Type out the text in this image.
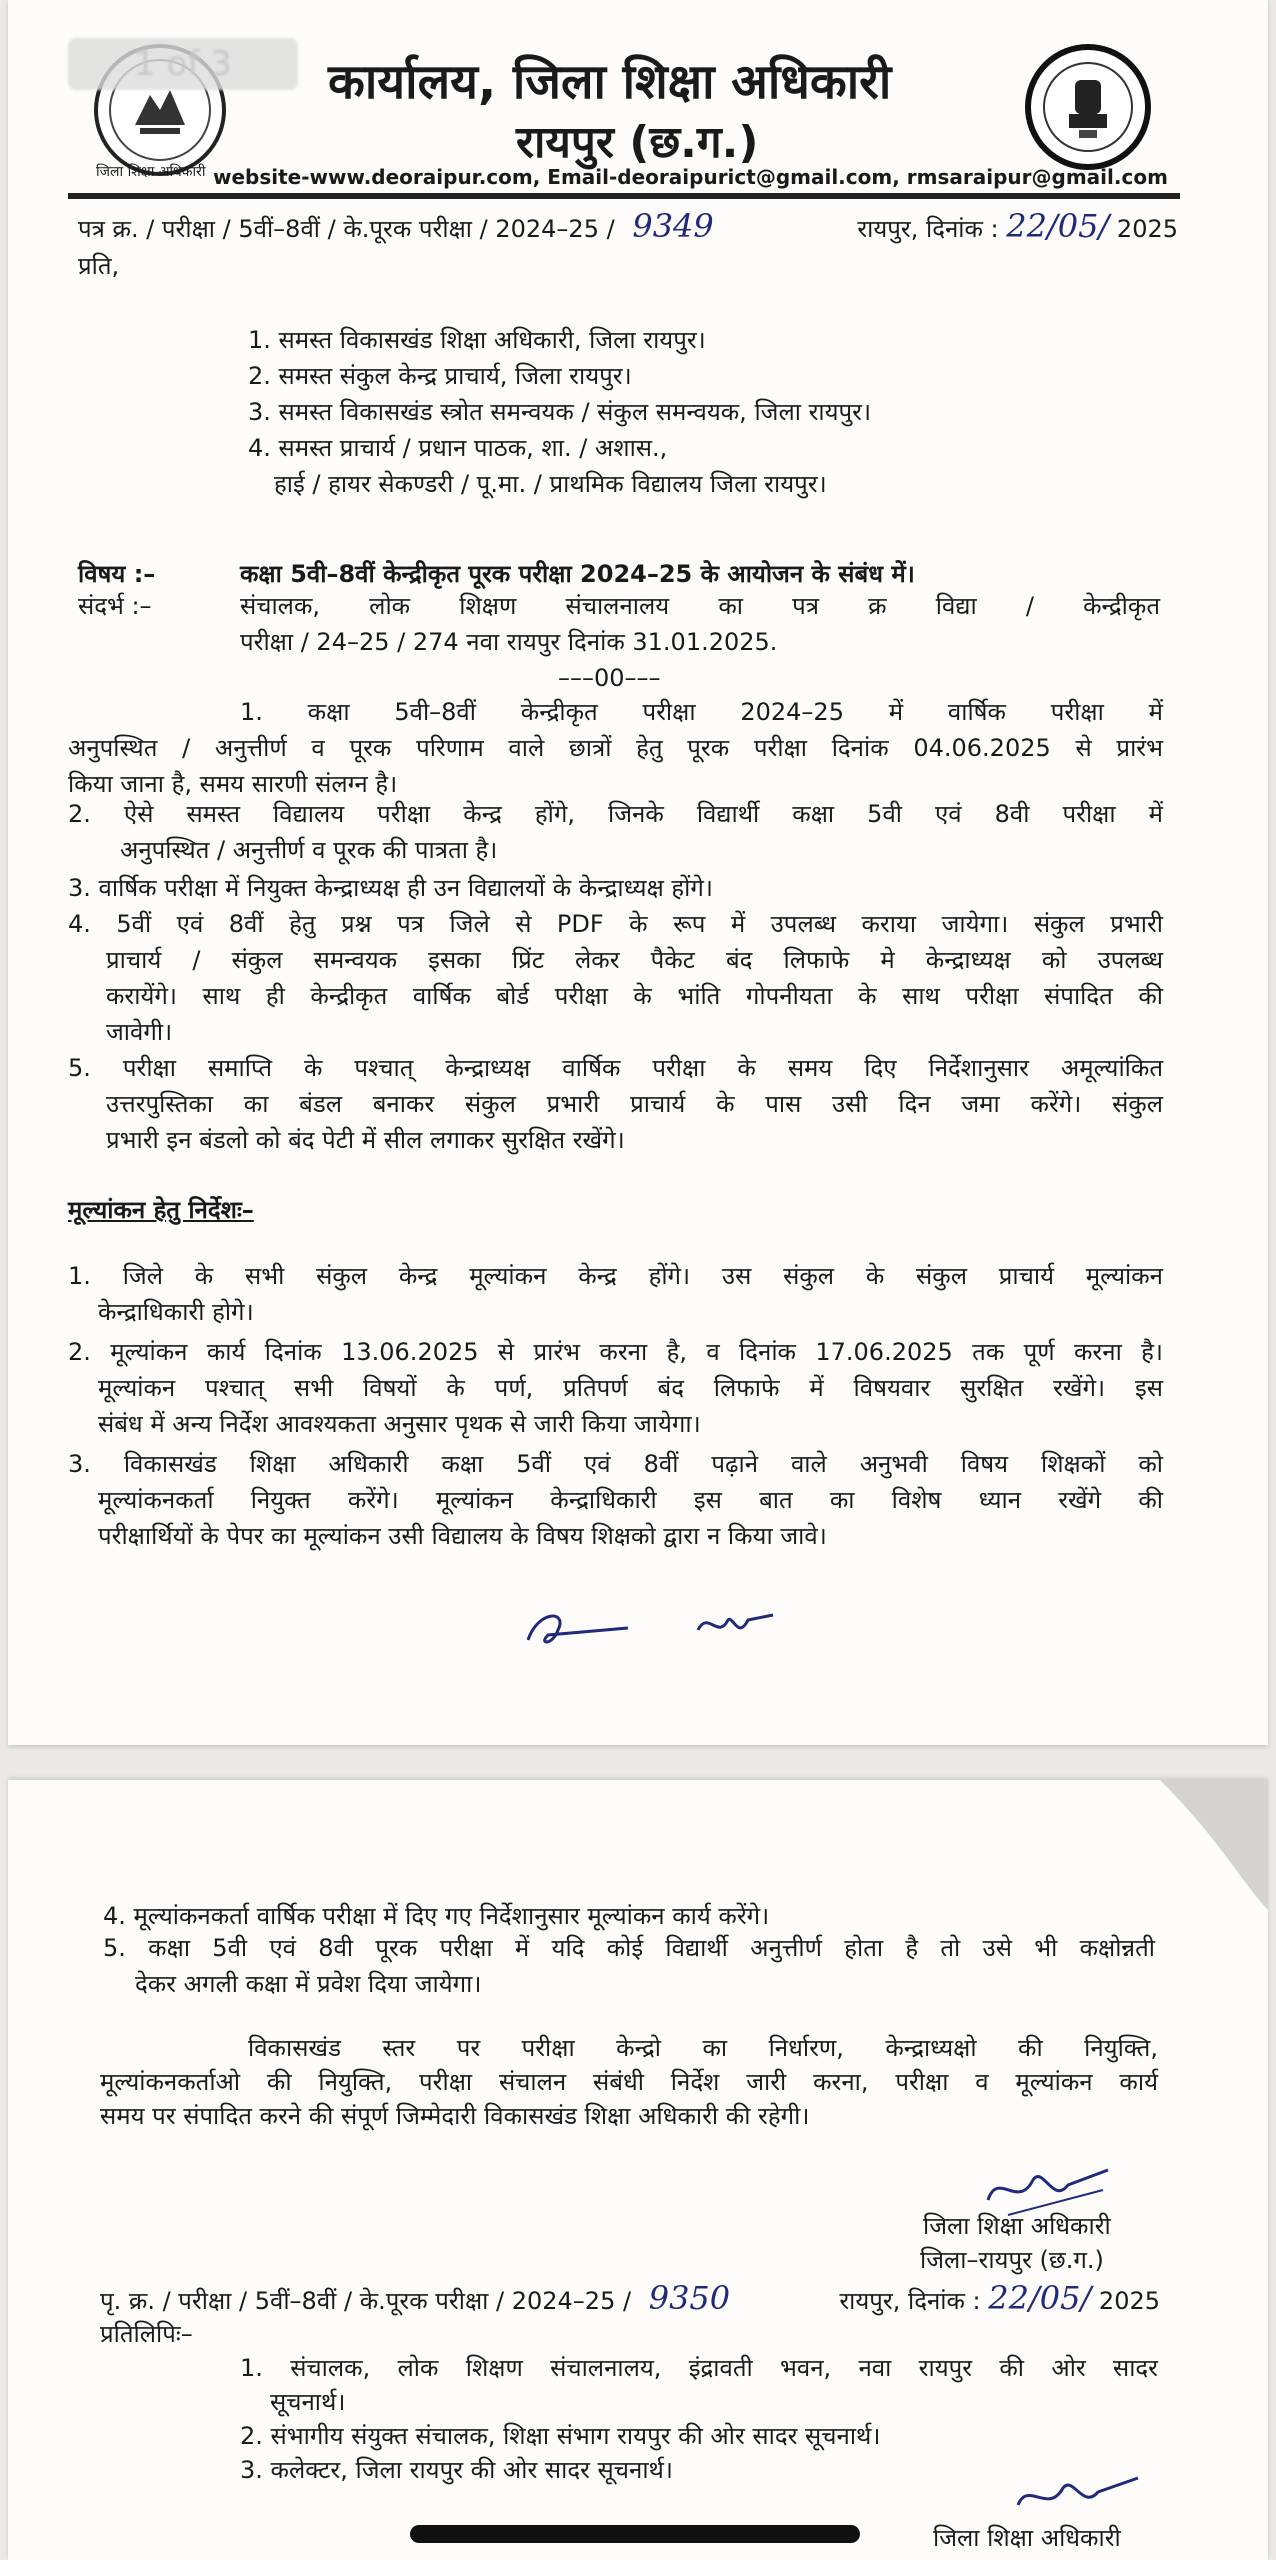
1 of 3	कार्यालय, जिला शिक्षा अधिकारी
रायपुर (छ.ग.)
जिला शिक्षा अधिकारी website-www.deoraipur.com, Email-deoraipurict@gmail.com, rmsaraipur@gmail.com
पत्र क्र. / परीक्षा / 5वीं–8वीं / के.पूरक परीक्षा / 2024–25 / 9349	रायपुर, दिनांक : 22/05/ 2025
प्रति,
1. समस्त विकासखंड शिक्षा अधिकारी, जिला रायपुर।
2. समस्त संकुल केन्द्र प्राचार्य, जिला रायपुर।
3. समस्त विकासखंड स्त्रोत समन्वयक / संकुल समन्वयक, जिला रायपुर।
4. समस्त प्राचार्य / प्रधान पाठक, शा. / अशास.,
हाई / हायर सेकण्डरी / पू.मा. / प्राथमिक विद्यालय जिला रायपुर।
विषय :–	कक्षा 5वी–8वीं केन्द्रीकृत पूरक परीक्षा 2024–25 के आयोजन के संबंध में।
संदर्भ :–	संचालक, लोक शिक्षण संचालनालय का पत्र क्र विद्या / केन्द्रीकृत
परीक्षा / 24–25 / 274 नवा रायपुर दिनांक 31.01.2025.
–––00–––
1. कक्षा 5वी–8वीं केन्द्रीकृत परीक्षा 2024–25 में वार्षिक परीक्षा में
अनुपस्थित / अनुत्तीर्ण व पूरक परिणाम वाले छात्रों हेतु पूरक परीक्षा दिनांक 04.06.2025 से प्रारंभ
किया जाना है, समय सारणी संलग्न है।
2. ऐसे समस्त विद्यालय परीक्षा केन्द्र होंगे, जिनके विद्यार्थी कक्षा 5वी एवं 8वी परीक्षा में
अनुपस्थित / अनुत्तीर्ण व पूरक की पात्रता है।
3. वार्षिक परीक्षा में नियुक्त केन्द्राध्यक्ष ही उन विद्यालयों के केन्द्राध्यक्ष होंगे।
4. 5वीं एवं 8वीं हेतु प्रश्न पत्र जिले से PDF के रूप में उपलब्ध कराया जायेगा। संकुल प्रभारी
प्राचार्य / संकुल समन्वयक इसका प्रिंट लेकर पैकेट बंद लिफाफे मे केन्द्राध्यक्ष को उपलब्ध
करायेंगे। साथ ही केन्द्रीकृत वार्षिक बोर्ड परीक्षा के भांति गोपनीयता के साथ परीक्षा संपादित की
जावेगी।
5. परीक्षा समाप्ति के पश्चात् केन्द्राध्यक्ष वार्षिक परीक्षा के समय दिए निर्देशानुसार अमूल्यांकित
उत्तरपुस्तिका का बंडल बनाकर संकुल प्रभारी प्राचार्य के पास उसी दिन जमा करेंगे। संकुल
प्रभारी इन बंडलो को बंद पेटी में सील लगाकर सुरक्षित रखेंगे।
मूल्यांकन हेतु निर्देशः–
1. जिले के सभी संकुल केन्द्र मूल्यांकन केन्द्र होंगे। उस संकुल के संकुल प्राचार्य मूल्यांकन
केन्द्राधिकारी होगे।
2. मूल्यांकन कार्य दिनांक 13.06.2025 से प्रारंभ करना है, व दिनांक 17.06.2025 तक पूर्ण करना है।
मूल्यांकन पश्चात् सभी विषयों के पर्ण, प्रतिपर्ण बंद लिफाफे में विषयवार सुरक्षित रखेंगे। इस
संबंध में अन्य निर्देश आवश्यकता अनुसार पृथक से जारी किया जायेगा।
3. विकासखंड शिक्षा अधिकारी कक्षा 5वीं एवं 8वीं पढ़ाने वाले अनुभवी विषय शिक्षकों को
मूल्यांकनकर्ता नियुक्त करेंगे। मूल्यांकन केन्द्राधिकारी इस बात का विशेष ध्यान रखेंगे की
परीक्षार्थियों के पेपर का मूल्यांकन उसी विद्यालय के विषय शिक्षको द्वारा न किया जावे।
4. मूल्यांकनकर्ता वार्षिक परीक्षा में दिए गए निर्देशानुसार मूल्यांकन कार्य करेंगे।
5. कक्षा 5वी एवं 8वी पूरक परीक्षा में यदि कोई विद्यार्थी अनुत्तीर्ण होता है तो उसे भी कक्षोन्नती
देकर अगली कक्षा में प्रवेश दिया जायेगा।
विकासखंड स्तर पर परीक्षा केन्द्रो का निर्धारण, केन्द्राध्यक्षो की नियुक्ति,
मूल्यांकनकर्ताओ की नियुक्ति, परीक्षा संचालन संबंधी निर्देश जारी करना, परीक्षा व मूल्यांकन कार्य
समय पर संपादित करने की संपूर्ण जिम्मेदारी विकासखंड शिक्षा अधिकारी की रहेगी।
जिला शिक्षा अधिकारी
जिला–रायपुर (छ.ग.)
पृ. क्र. / परीक्षा / 5वीं–8वीं / के.पूरक परीक्षा / 2024–25 / 9350	रायपुर, दिनांक : 22/05/ 2025
प्रतिलिपिः–
1. संचालक, लोक शिक्षण संचालनालय, इंद्रावती भवन, नवा रायपुर की ओर सादर
सूचनार्थ।
2. संभागीय संयुक्त संचालक, शिक्षा संभाग रायपुर की ओर सादर सूचनार्थ।
3. कलेक्टर, जिला रायपुर की ओर सादर सूचनार्थ।
जिला शिक्षा अधिकारी
